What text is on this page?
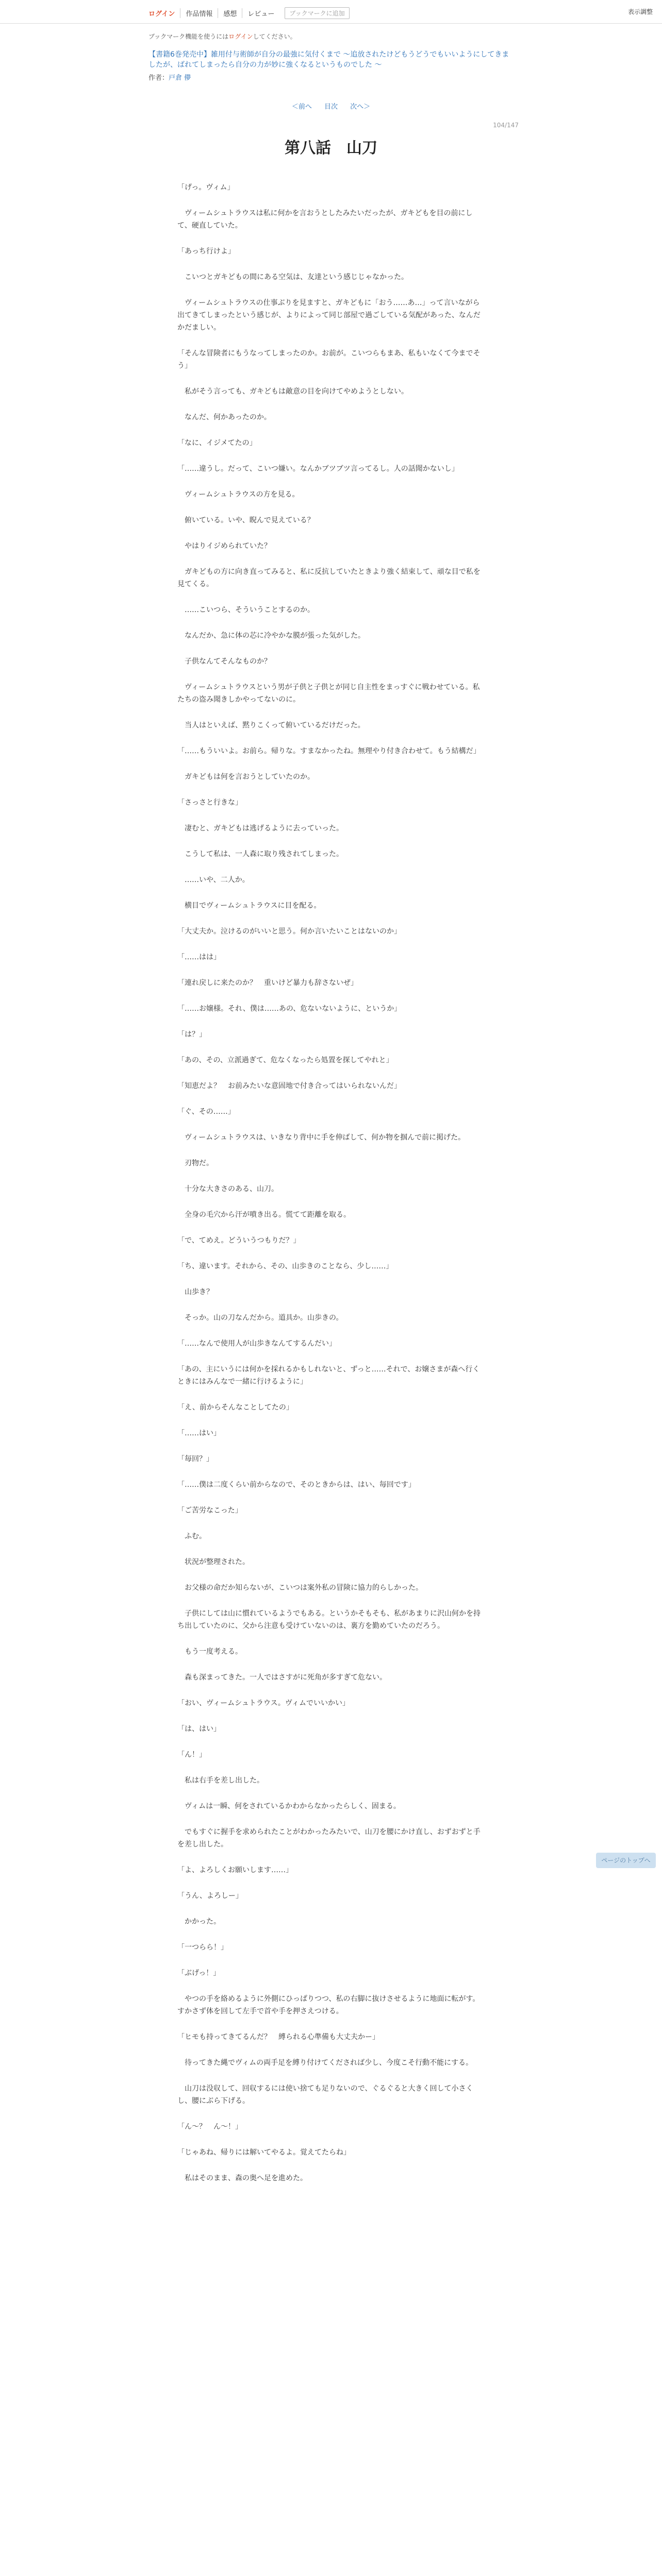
ログイン	作品情報	感想	レビュー	ブックマークに追加	表示調整
ブックマーク機能を使うにはログインしてください。
【書籍6巻発売中】雑用付与術師が自分の最強に気付くまで ～追放されたけどもうどうでもいいようにしてきましたが、ばれてしまったら自分の力が妙に強くなるというものでした ～
作者：戸倉 儚
＜前へ 目次 次へ＞
104/147
第八話　山刀

「げっ。ヴィム」

　ヴィームシュトラウスは私に何かを言おうとしたみたいだったが、ガキどもを目の前にして、硬直していた。

「あっち行けよ」

　こいつとガキどもの間にある空気は、友達という感じじゃなかった。

　ヴィームシュトラウスの仕事ぶりを見ますと、ガキどもに「おう……あ…」って言いながら出てきてしまったという感じが、よりによって同じ部屋で過ごしている気配があった、なんだかだましい。

「そんな冒険者にもうなってしまったのか。お前が。こいつらもまあ、私もいなくて今までそう」

　私がそう言っても、ガキどもは敵意の目を向けてやめようとしない。

　なんだ、何かあったのか。

「なに、イジメてたの」

「……違うし。だって、こいつ嫌い。なんかブツブツ言ってるし。人の話聞かないし」

　ヴィームシュトラウスの方を見る。

　俯いている。いや、睨んで見えている？

　やはりイジめられていた？

　ガキどもの方に向き直ってみると、私に反抗していたときより強く結束して、頑な目で私を見てくる。

　……こいつら、そういうことするのか。

　なんだか、急に体の芯に冷やかな膜が張った気がした。

　子供なんてそんなものか？

　ヴィームシュトラウスという男が子供と子供とが同じ自主性をまっすぐに戦わせている。私たちの盗み聞きしかやってないのに。

　当人はといえば、黙りこくって俯いているだけだった。

「……もういいよ。お前ら。帰りな。すまなかったね。無理やり付き合わせて。もう結構だ」

　ガキどもは何を言おうとしていたのか。

「さっさと行きな」

　凄むと、ガキどもは逃げるように去っていった。

　こうして私は、一人森に取り残されてしまった。

　……いや、二人か。

　横目でヴィームシュトラウスに目を配る。

「大丈夫か。泣けるのがいいと思う。何か言いたいことはないのか」

「……はは」

「連れ戻しに来たのか？　重いけど暴力も辞さないぜ」

「……お嬢様。それ、僕は……あの、危ないないように、というか」

「は？」

「あの、その、立派過ぎて、危なくなったら処置を探してやれと」

「知恵だよ？　お前みたいな意固地で付き合ってはいられないんだ」

「ぐ、その……」

　ヴィームシュトラウスは、いきなり背中に手を伸ばして、何か物を掴んで前に掲げた。

　刃物だ。

　十分な大きさのある、山刀。

　全身の毛穴から汗が噴き出る。慌てて距離を取る。

「で、てめえ。どういうつもりだ？」

「ち、違います。それから、その、山歩きのことなら、少し……」

　山歩き？

　そっか。山の刀なんだから。道具か。山歩きの。

「……なんで使用人が山歩きなんてするんだい」

「あの、主にいうには何かを採れるかもしれないと、ずっと……それで、お嬢さまが森へ行くときにはみんなで一緒に行けるように」

「え、前からそんなことしてたの」

「……はい」

「毎回？」

「……僕は二度くらい前からなので、そのときからは、はい、毎回です」

「ご苦労なこった」

　ふむ。

　状況が整理された。

　お父様の命だか知らないが、こいつは案外私の冒険に協力的らしかった。

　子供にしては山に慣れているようでもある。というかそもそも、私があまりに沢山何かを持ち出していたのに、父から注意も受けていないのは、裏方を勤めていたのだろう。

　もう一度考える。

　森も深まってきた。一人ではさすがに死角が多すぎて危ない。

「おい、ヴィームシュトラウス。ヴィムでいいかい」

「は、はい」

「ん！」

　私は右手を差し出した。

　ヴィムは一瞬、何をされているかわからなかったらしく、固まる。

　でもすぐに握手を求められたことがわかったみたいで、山刀を腰にかけ直し、おずおずと手を差し出した。

「よ、よろしくお願いします……」

「うん、よろしー」

　かかった。

「一つらら！」

「ぶげっ！」

　やつの手を絡めるように外側にひっぱりつつ、私の右脚に抜けさせるように地面に転がす。すかさず体を回して左手で首や手を押さえつける。

「ヒモも持ってきてるんだ？　縛られる心準備も大丈夫かー」

　待ってきた縄でヴィムの両手足を縛り付けてくだされば少し、今度こそ行動不能にする。

　山刀は没収して、回収するには使い捨ても足りないので、ぐるぐると大きく回して小さくし、腰にぶら下げる。

「ん～？　ん～！」

「じゃあね、帰りには解いてやるよ。覚えてたらね」

　私はそのまま、森の奥へ足を進めた。

ページのトップへ
